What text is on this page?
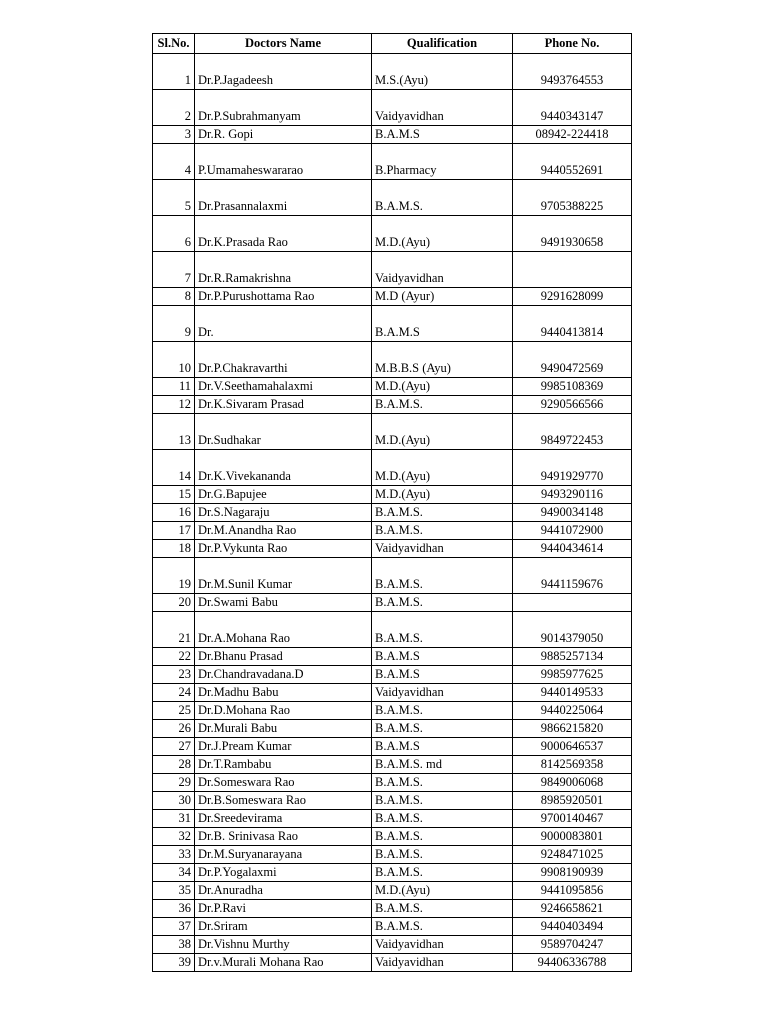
Sl.No.	Doctors Name	Qualification	Phone No.
1	Dr.P.Jagadeesh	M.S.(Ayu)	9493764553
2	Dr.P.Subrahmanyam	Vaidyavidhan	9440343147
3	Dr.R. Gopi	B.A.M.S	08942-224418
4	P.Umamaheswararao	B.Pharmacy	9440552691
5	Dr.Prasannalaxmi	B.A.M.S.	9705388225
6	Dr.K.Prasada Rao	M.D.(Ayu)	9491930658
7	Dr.R.Ramakrishna	Vaidyavidhan	
8	Dr.P.Purushottama Rao	M.D (Ayur)	9291628099
9	Dr.	B.A.M.S	9440413814
10	Dr.P.Chakravarthi	M.B.B.S (Ayu)	9490472569
11	Dr.V.Seethamahalaxmi	M.D.(Ayu)	9985108369
12	Dr.K.Sivaram Prasad	B.A.M.S.	9290566566
13	Dr.Sudhakar	M.D.(Ayu)	9849722453
14	Dr.K.Vivekananda	M.D.(Ayu)	9491929770
15	Dr.G.Bapujee	M.D.(Ayu)	9493290116
16	Dr.S.Nagaraju	B.A.M.S.	9490034148
17	Dr.M.Anandha Rao	B.A.M.S.	9441072900
18	Dr.P.Vykunta Rao	Vaidyavidhan	9440434614
19	Dr.M.Sunil Kumar	B.A.M.S.	9441159676
20	Dr.Swami Babu	B.A.M.S.	
21	Dr.A.Mohana Rao	B.A.M.S.	9014379050
22	Dr.Bhanu Prasad	B.A.M.S	9885257134
23	Dr.Chandravadana.D	B.A.M.S	9985977625
24	Dr.Madhu Babu	Vaidyavidhan	9440149533
25	Dr.D.Mohana Rao	B.A.M.S.	9440225064
26	Dr.Murali Babu	B.A.M.S.	9866215820
27	Dr.J.Pream Kumar	B.A.M.S	9000646537
28	Dr.T.Rambabu	B.A.M.S. md	8142569358
29	Dr.Someswara Rao	B.A.M.S.	9849006068
30	Dr.B.Someswara Rao	B.A.M.S.	8985920501
31	Dr.Sreedevirama	B.A.M.S.	9700140467
32	Dr.B. Srinivasa Rao	B.A.M.S.	9000083801
33	Dr.M.Suryanarayana	B.A.M.S.	9248471025
34	Dr.P.Yogalaxmi	B.A.M.S.	9908190939
35	Dr.Anuradha	M.D.(Ayu)	9441095856
36	Dr.P.Ravi	B.A.M.S.	9246658621
37	Dr.Sriram	B.A.M.S.	9440403494
38	Dr.Vishnu Murthy	Vaidyavidhan	9589704247
39	Dr.v.Murali Mohana Rao	Vaidyavidhan	94406336788
